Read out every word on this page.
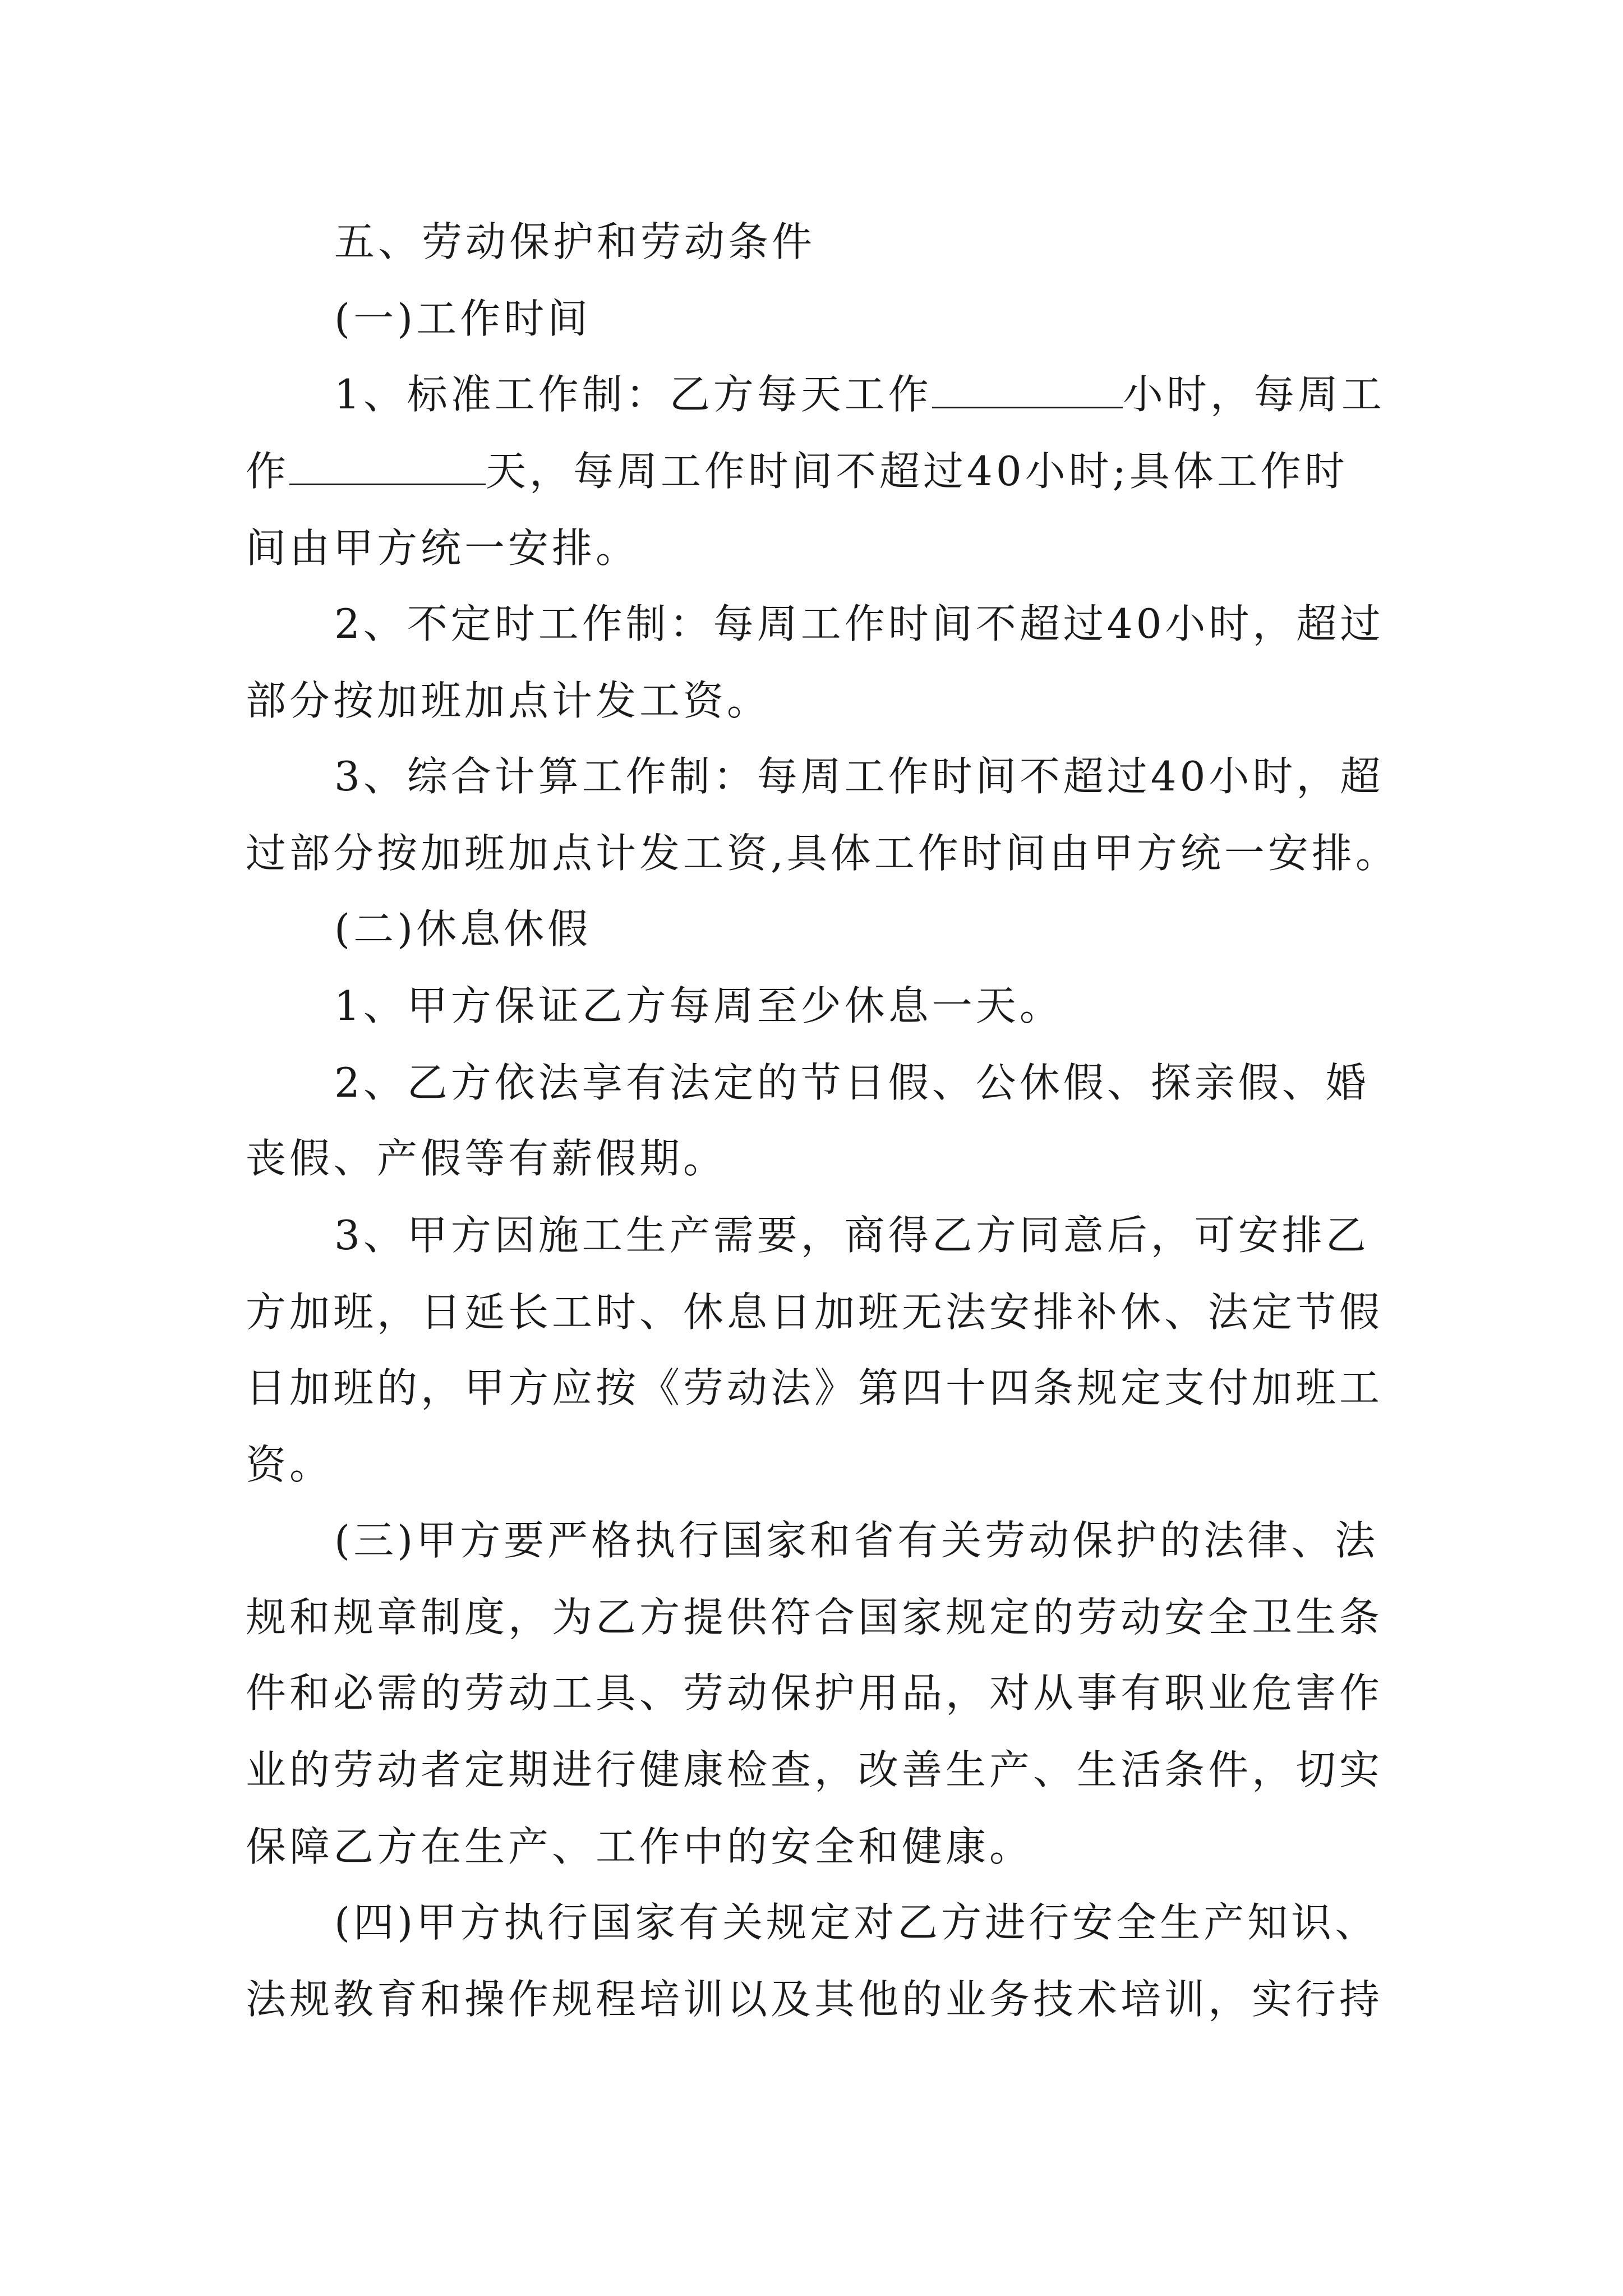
五、劳动保护和劳动条件
(一)工作时间
1、标准工作制：乙方每天工作	小时，每周工
作	天，每周工作时间不超过40小时;具体工作时
间由甲方统一安排。
2、不定时工作制：每周工作时间不超过40小时，超过
部分按加班加点计发工资。
3、综合计算工作制：每周工作时间不超过40小时，超
过部分按加班加点计发工资,具体工作时间由甲方统一安排。
(二)休息休假
1、甲方保证乙方每周至少休息一天。
2、乙方依法享有法定的节日假、公休假、探亲假、婚
丧假、产假等有薪假期。
3、甲方因施工生产需要，商得乙方同意后，可安排乙
方加班，日延长工时、休息日加班无法安排补休、法定节假
日加班的，甲方应按《劳动法》第四十四条规定支付加班工
资。
(三)甲方要严格执行国家和省有关劳动保护的法律、法
规和规章制度，为乙方提供符合国家规定的劳动安全卫生条
件和必需的劳动工具、劳动保护用品，对从事有职业危害作
业的劳动者定期进行健康检查，改善生产、生活条件，切实
保障乙方在生产、工作中的安全和健康。
(四)甲方执行国家有关规定对乙方进行安全生产知识、
法规教育和操作规程培训以及其他的业务技术培训，实行持
